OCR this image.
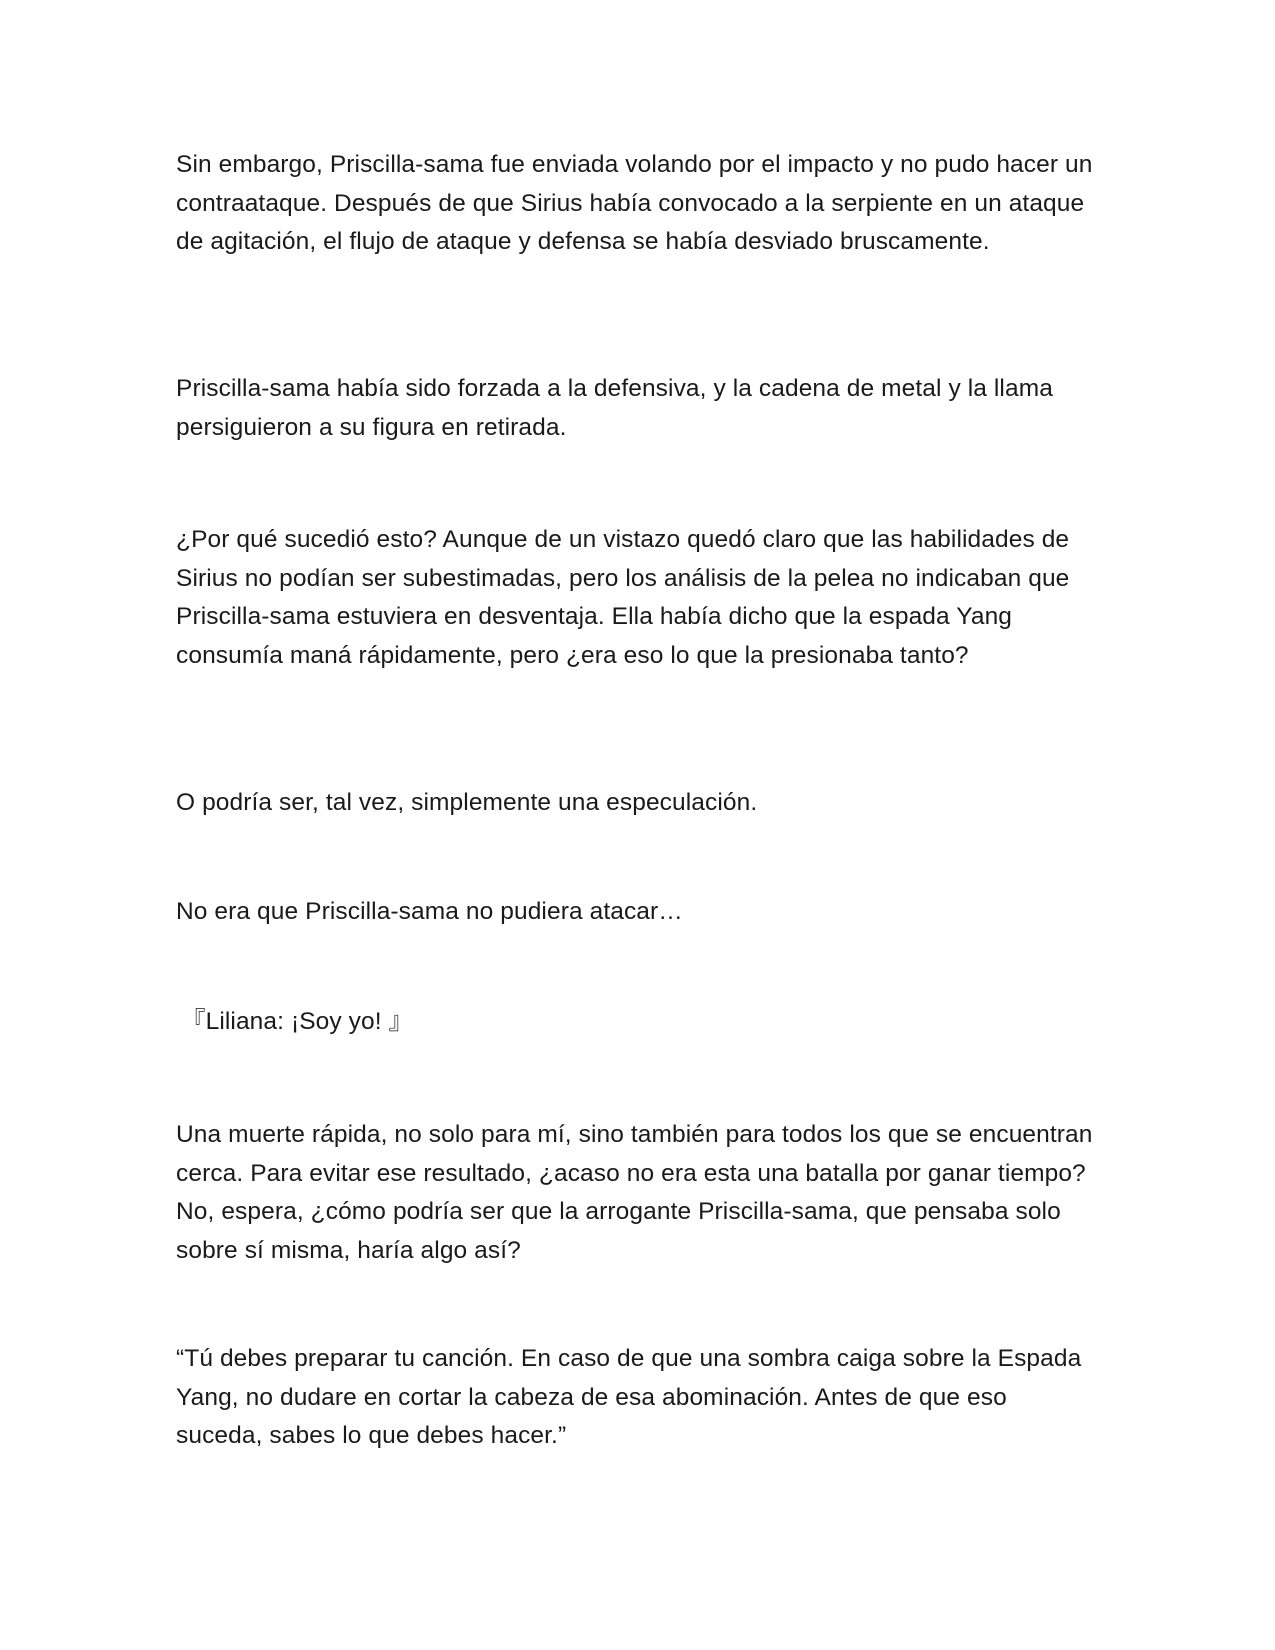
Sin embargo, Priscilla-sama fue enviada volando por el impacto y no pudo hacer un contraataque. Después de que Sirius había convocado a la serpiente en un ataque de agitación, el flujo de ataque y defensa se había desviado bruscamente.

Priscilla-sama había sido forzada a la defensiva, y la cadena de metal y la llama persiguieron a su figura en retirada.

¿Por qué sucedió esto? Aunque de un vistazo quedó claro que las habilidades de Sirius no podían ser subestimadas, pero los análisis de la pelea no indicaban que Priscilla-sama estuviera en desventaja. Ella había dicho que la espada Yang consumía maná rápidamente, pero ¿era eso lo que la presionaba tanto?

O podría ser, tal vez, simplemente una especulación.

No era que Priscilla-sama no pudiera atacar…

『Liliana: ¡Soy yo! 』

Una muerte rápida, no solo para mí, sino también para todos los que se encuentran cerca. Para evitar ese resultado, ¿acaso no era esta una batalla por ganar tiempo? No, espera, ¿cómo podría ser que la arrogante Priscilla-sama, que pensaba solo sobre sí misma, haría algo así?

“Tú debes preparar tu canción. En caso de que una sombra caiga sobre la Espada Yang, no dudare en cortar la cabeza de esa abominación. Antes de que eso suceda, sabes lo que debes hacer.”
